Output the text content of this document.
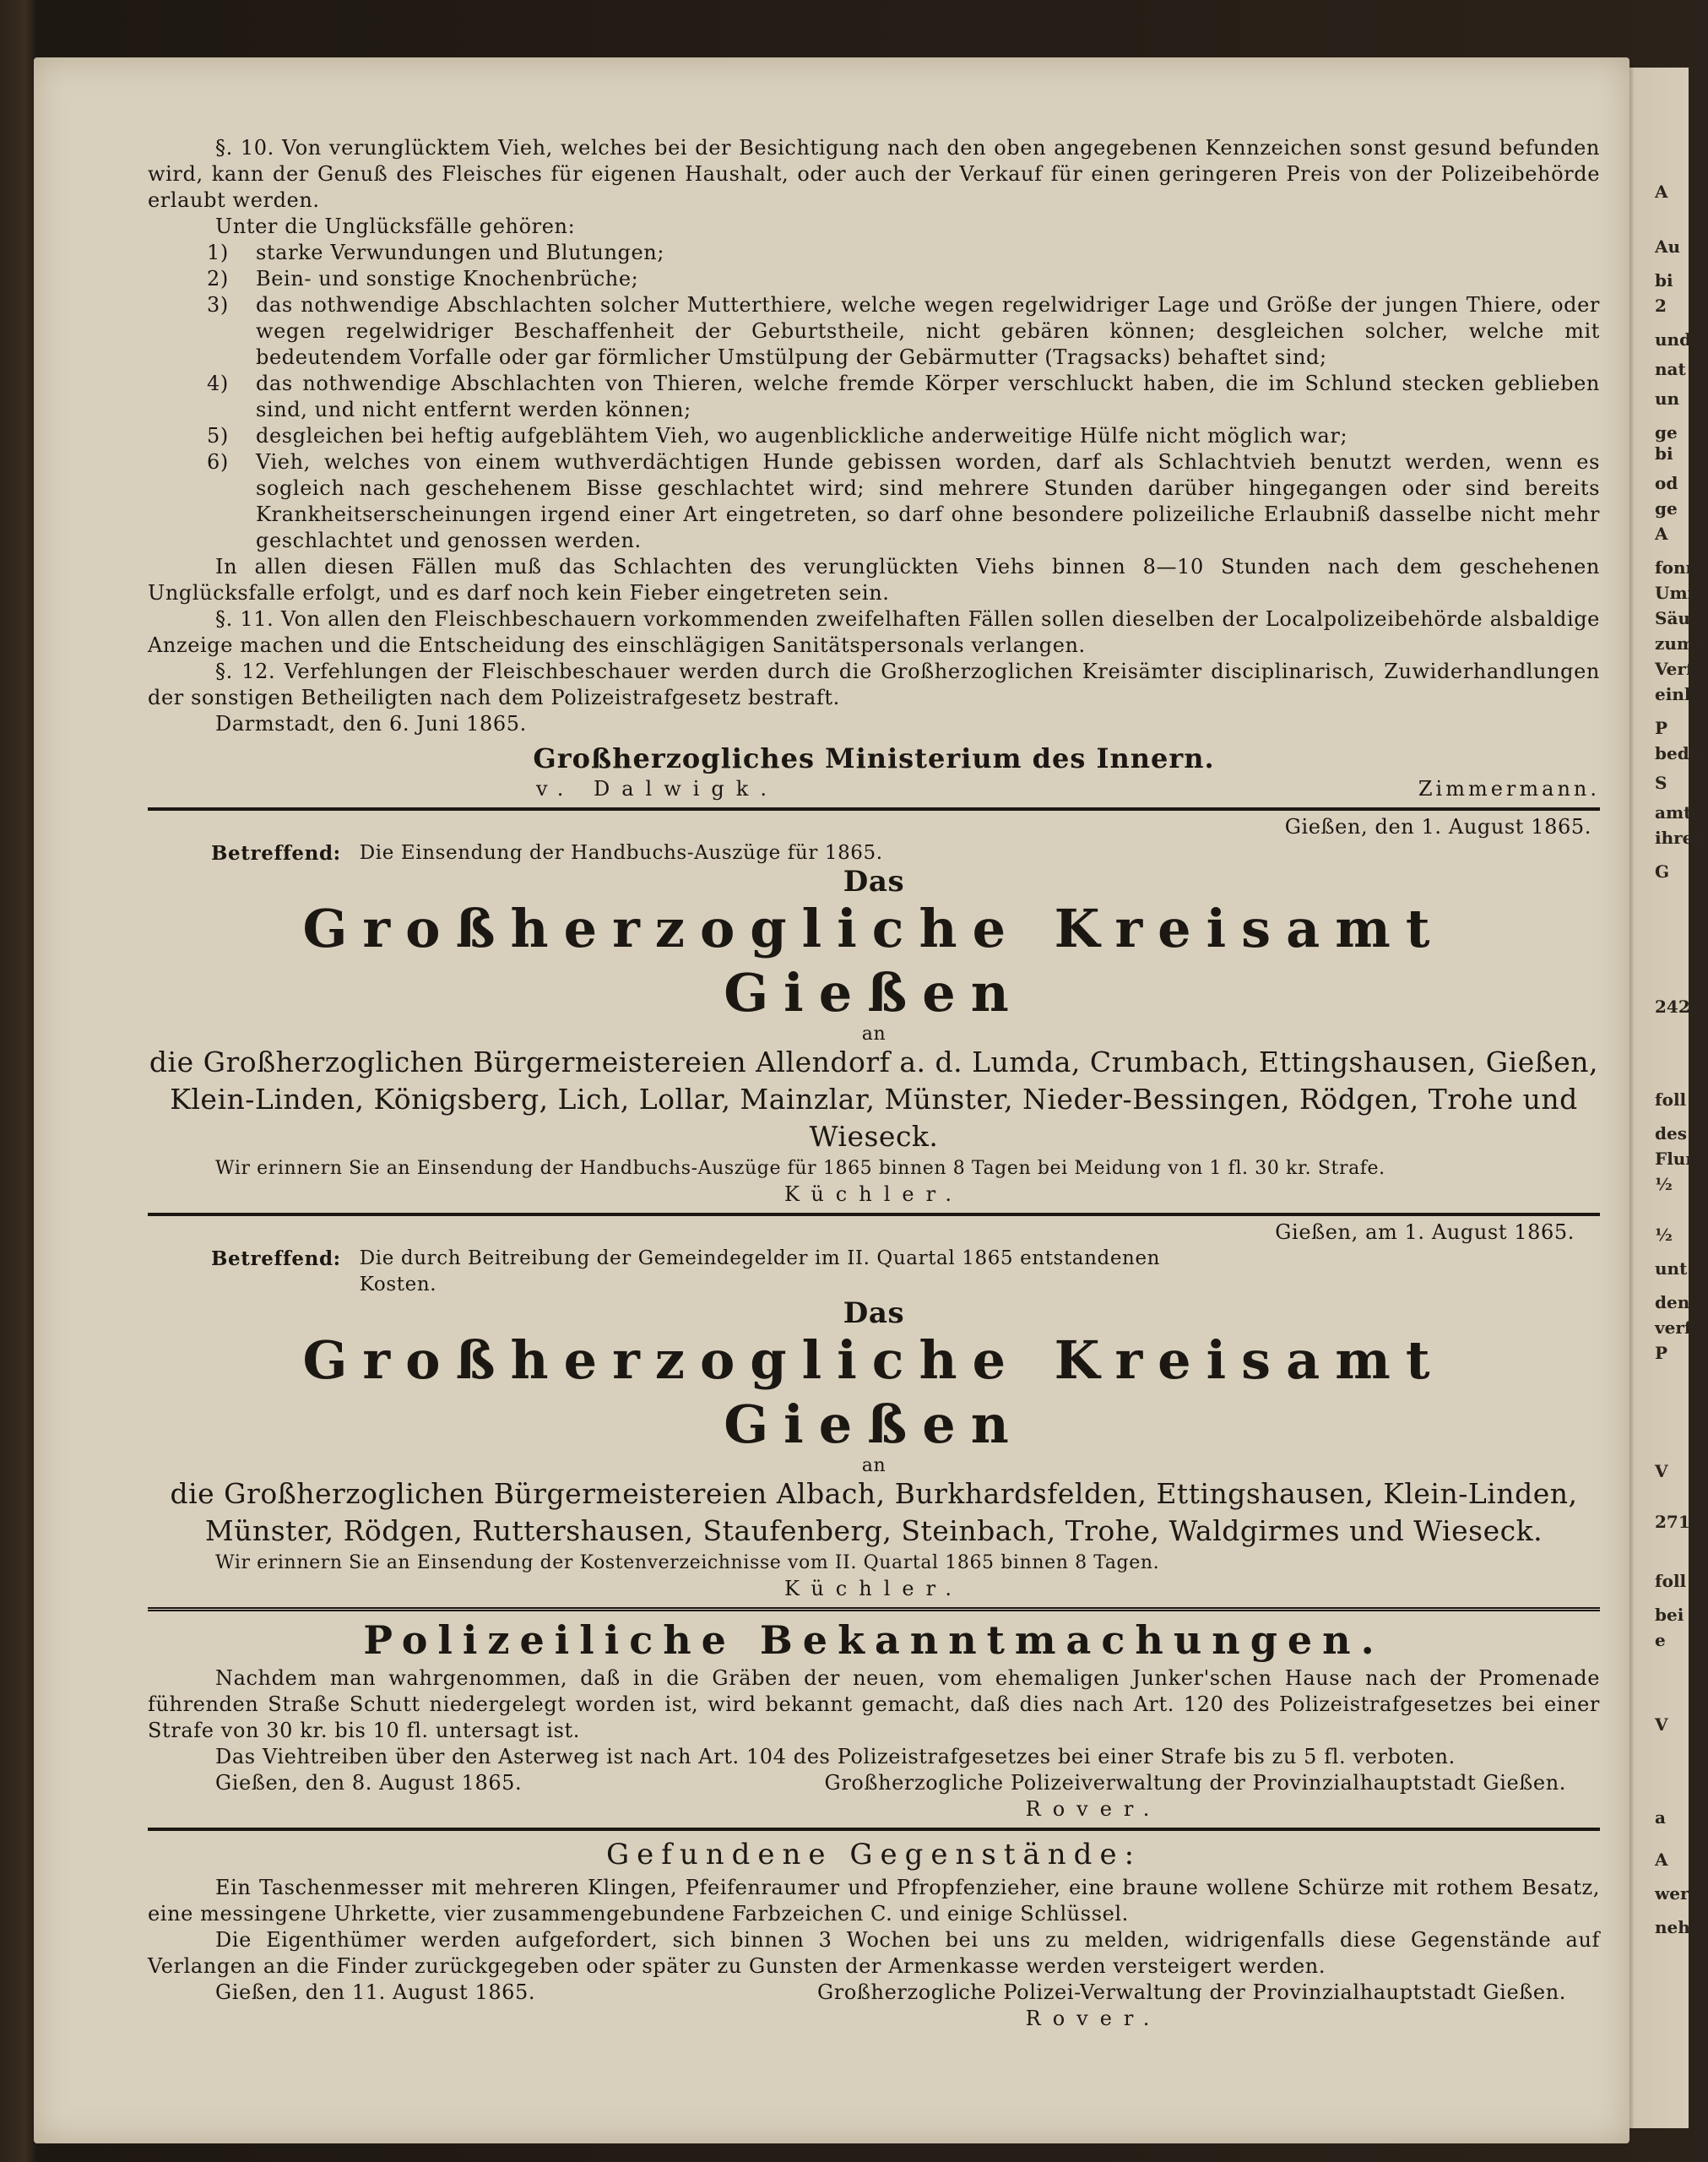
A
Au
bi
2
und
nat
un
ge
bi
od
ge
A
fonn
Umf
Säu
zume
Verf
einlö
P
bedin
S
amte
ihren
G
2426
foll
des
Flur
½
½
unt
den
verf
P
V
271
foll
bei
e
V
a
A
wer
neh

§. 10. Von verunglücktem Vieh, welches bei der Besichtigung nach den oben angegebenen Kennzeichen sonst gesund befunden wird, kann der Genuß des Fleisches für eigenen Haushalt, oder auch der Verkauf für einen geringeren Preis von der Polizeibehörde erlaubt werden.

Unter die Unglücksfälle gehören:

1)	starke Verwundungen und Blutungen;
2)	Bein- und sonstige Knochenbrüche;
3)	das nothwendige Abschlachten solcher Mutterthiere, welche wegen regelwidriger Lage und Größe der jungen Thiere, oder wegen regelwidriger Beschaffenheit der Geburtstheile, nicht gebären können; desgleichen solcher, welche mit bedeutendem Vorfalle oder gar förmlicher Umstülpung der Gebärmutter (Tragsacks) behaftet sind;
4)	das nothwendige Abschlachten von Thieren, welche fremde Körper verschluckt haben, die im Schlund stecken geblieben sind, und nicht entfernt werden können;
5)	desgleichen bei heftig aufgeblähtem Vieh, wo augenblickliche anderweitige Hülfe nicht möglich war;
6)	Vieh, welches von einem wuthverdächtigen Hunde gebissen worden, darf als Schlachtvieh benutzt werden, wenn es sogleich nach geschehenem Bisse geschlachtet wird; sind mehrere Stunden darüber hingegangen oder sind bereits Krankheitserscheinungen irgend einer Art eingetreten, so darf ohne besondere polizeiliche Erlaubniß dasselbe nicht mehr geschlachtet und genossen werden.

In allen diesen Fällen muß das Schlachten des verunglückten Viehs binnen 8—10 Stunden nach dem geschehenen Unglücksfalle erfolgt, und es darf noch kein Fieber eingetreten sein.

§. 11. Von allen den Fleischbeschauern vorkommenden zweifelhaften Fällen sollen dieselben der Localpolizeibehörde alsbaldige Anzeige machen und die Entscheidung des einschlägigen Sanitätspersonals verlangen.

§. 12. Verfehlungen der Fleischbeschauer werden durch die Großherzoglichen Kreisämter disciplinarisch, Zuwiderhandlungen der sonstigen Betheiligten nach dem Polizeistrafgesetz bestraft.

Darmstadt, den 6. Juni 1865.

Großherzogliches Ministerium des Innern.

v. Dalwigk.	Zimmermann.
Gießen, den 1. August 1865.
Betreffend: Die Einsendung der Handbuchs-Auszüge für 1865.

Das

Großherzogliche Kreisamt Gießen

an

die Großherzoglichen Bürgermeistereien Allendorf a. d. Lumda, Crumbach, Ettingshausen, Gießen, Klein-Linden, Königsberg, Lich, Lollar, Mainzlar, Münster, Nieder-Bessingen, Rödgen, Trohe und Wieseck.

Wir erinnern Sie an Einsendung der Handbuchs-Auszüge für 1865 binnen 8 Tagen bei Meidung von 1 fl. 30 kr. Strafe.

Küchler.

Gießen, am 1. August 1865.
Betreffend: Die durch Beitreibung der Gemeindegelder im II. Quartal 1865 entstandenen Kosten.

Das

Großherzogliche Kreisamt Gießen

an

die Großherzoglichen Bürgermeistereien Albach, Burkhardsfelden, Ettingshausen, Klein-Linden, Münster, Rödgen, Ruttershausen, Staufenberg, Steinbach, Trohe, Waldgirmes und Wieseck.

Wir erinnern Sie an Einsendung der Kostenverzeichnisse vom II. Quartal 1865 binnen 8 Tagen.

Küchler.

Polizeiliche Bekanntmachungen.

Nachdem man wahrgenommen, daß in die Gräben der neuen, vom ehemaligen Junker'schen Hause nach der Promenade führenden Straße Schutt niedergelegt worden ist, wird bekannt gemacht, daß dies nach Art. 120 des Polizeistrafgesetzes bei einer Strafe von 30 kr. bis 10 fl. untersagt ist.

Das Viehtreiben über den Asterweg ist nach Art. 104 des Polizeistrafgesetzes bei einer Strafe bis zu 5 fl. verboten.

Gießen, den 8. August 1865.	Großherzogliche Polizeiverwaltung der Provinzialhauptstadt Gießen.

Rover.

Gefundene Gegenstände:

Ein Taschenmesser mit mehreren Klingen, Pfeifenraumer und Pfropfenzieher, eine braune wollene Schürze mit rothem Besatz, eine messingene Uhrkette, vier zusammengebundene Farbzeichen C. und einige Schlüssel.

Die Eigenthümer werden aufgefordert, sich binnen 3 Wochen bei uns zu melden, widrigenfalls diese Gegenstände auf Verlangen an die Finder zurückgegeben oder später zu Gunsten der Armenkasse werden versteigert werden.

Gießen, den 11. August 1865.	Großherzogliche Polizei-Verwaltung der Provinzialhauptstadt Gießen.

Rover.
